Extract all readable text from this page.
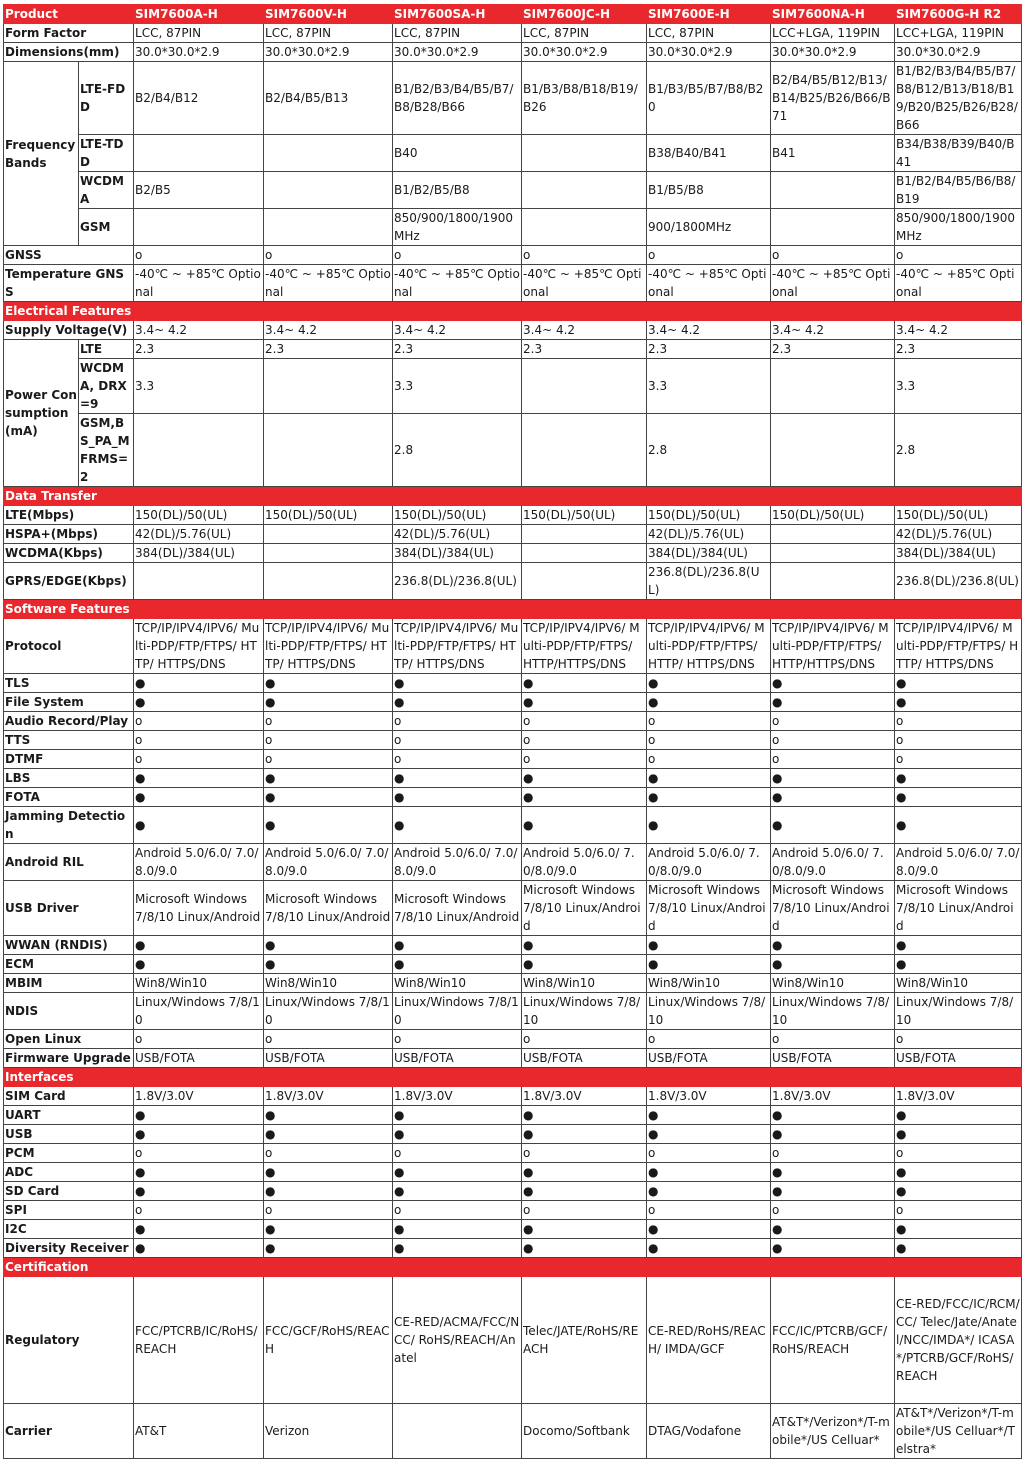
Product		SIM7600A-H	SIM7600V-H	SIM7600SA-H	SIM7600JC-H	SIM7600E-H	SIM7600NA-H	SIM7600G-H R2
Form Factor		LCC, 87PIN	LCC, 87PIN	LCC, 87PIN	LCC, 87PIN	LCC, 87PIN	LCC+LGA, 119PIN	LCC+LGA, 119PIN
Dimensions(mm)		30.0*30.0*2.9	30.0*30.0*2.9	30.0*30.0*2.9	30.0*30.0*2.9	30.0*30.0*2.9	30.0*30.0*2.9	30.0*30.0*2.9
Frequency Bands	LTE-FDD	B2/B4/B12	B2/B4/B5/B13	B1/B2/B3/B4/B5/B7/B8/B28/B66	B1/B3/B8/B18/B19/B26	B1/B3/B5/B7/B8/B20	B2/B4/B5/B12/B13/B14/B25/B26/B66/B71	B1/B2/B3/B4/B5/B7/B8/B12/B13/B18/B19/B20/B25/B26/B28/B66
	LTE-TDD			B40		B38/B40/B41	B41	B34/B38/B39/B40/B41
	WCDMA	B2/B5		B1/B2/B5/B8		B1/B5/B8		B1/B2/B4/B5/B6/B8/B19
	GSM			850/900/1800/1900MHz		900/1800MHz		850/900/1800/1900MHz
GNSS		o	o	o	o	o	o	o
Temperature GNSS		-40℃ ~ +85℃ Optional	-40℃ ~ +85℃ Optional	-40℃ ~ +85℃ Optional	-40℃ ~ +85℃ Optional	-40℃ ~ +85℃ Optional	-40℃ ~ +85℃ Optional	-40℃ ~ +85℃ Optional
Electrical Features								
Supply Voltage(V)		3.4~ 4.2	3.4~ 4.2	3.4~ 4.2	3.4~ 4.2	3.4~ 4.2	3.4~ 4.2	3.4~ 4.2
Power Consumption(mA)	LTE	2.3	2.3	2.3	2.3	2.3	2.3	2.3
	WCDMA, DRX=9	3.3		3.3		3.3		3.3
	GSM,BS_PA_MFRMS=2			2.8		2.8		2.8
Data Transfer								
LTE(Mbps)		150(DL)/50(UL)	150(DL)/50(UL)	150(DL)/50(UL)	150(DL)/50(UL)	150(DL)/50(UL)	150(DL)/50(UL)	150(DL)/50(UL)
HSPA+(Mbps)		42(DL)/5.76(UL)		42(DL)/5.76(UL)		42(DL)/5.76(UL)		42(DL)/5.76(UL)
WCDMA(Kbps)		384(DL)/384(UL)		384(DL)/384(UL)		384(DL)/384(UL)		384(DL)/384(UL)
GPRS/EDGE(Kbps)				236.8(DL)/236.8(UL)		236.8(DL)/236.8(UL)		236.8(DL)/236.8(UL)
Software Features								
Protocol		TCP/IP/IPV4/IPV6/ Multi-PDP/FTP/FTPS/ HTTP/ HTTPS/DNS	TCP/IP/IPV4/IPV6/ Multi-PDP/FTP/FTPS/ HTTP/ HTTPS/DNS	TCP/IP/IPV4/IPV6/ Multi-PDP/FTP/FTPS/ HTTP/ HTTPS/DNS	TCP/IP/IPV4/IPV6/ Multi-PDP/FTP/FTPS/ HTTP/HTTPS/DNS	TCP/IP/IPV4/IPV6/ Multi-PDP/FTP/FTPS/ HTTP/ HTTPS/DNS	TCP/IP/IPV4/IPV6/ Multi-PDP/FTP/FTPS/ HTTP/HTTPS/DNS	TCP/IP/IPV4/IPV6/ Multi-PDP/FTP/FTPS/ HTTP/ HTTPS/DNS
TLS		●	●	●	●	●	●	●
File System		●	●	●	●	●	●	●
Audio Record/Play		o	o	o	o	o	o	o
TTS		o	o	o	o	o	o	o
DTMF		o	o	o	o	o	o	o
LBS		●	●	●	●	●	●	●
FOTA		●	●	●	●	●	●	●
Jamming Detection		●	●	●	●	●	●	●
Android RIL		Android 5.0/6.0/ 7.0/8.0/9.0	Android 5.0/6.0/ 7.0/8.0/9.0	Android 5.0/6.0/ 7.0/8.0/9.0	Android 5.0/6.0/ 7.0/8.0/9.0	Android 5.0/6.0/ 7.0/8.0/9.0	Android 5.0/6.0/ 7.0/8.0/9.0	Android 5.0/6.0/ 7.0/8.0/9.0
USB Driver		Microsoft Windows 7/8/10 Linux/Android	Microsoft Windows 7/8/10 Linux/Android	Microsoft Windows 7/8/10 Linux/Android	Microsoft Windows 7/8/10 Linux/Android	Microsoft Windows 7/8/10 Linux/Android	Microsoft Windows 7/8/10 Linux/Android	Microsoft Windows 7/8/10 Linux/Android
WWAN (RNDIS)		●	●	●	●	●	●	●
ECM		●	●	●	●	●	●	●
MBIM		Win8/Win10	Win8/Win10	Win8/Win10	Win8/Win10	Win8/Win10	Win8/Win10	Win8/Win10
NDIS		Linux/Windows 7/8/10	Linux/Windows 7/8/10	Linux/Windows 7/8/10	Linux/Windows 7/8/10	Linux/Windows 7/8/10	Linux/Windows 7/8/10	Linux/Windows 7/8/10
Open Linux		o	o	o	o	o	o	o
Firmware Upgrade		USB/FOTA	USB/FOTA	USB/FOTA	USB/FOTA	USB/FOTA	USB/FOTA	USB/FOTA
Interfaces								
SIM Card		1.8V/3.0V	1.8V/3.0V	1.8V/3.0V	1.8V/3.0V	1.8V/3.0V	1.8V/3.0V	1.8V/3.0V
UART		●	●	●	●	●	●	●
USB		●	●	●	●	●	●	●
PCM		o	o	o	o	o	o	o
ADC		●	●	●	●	●	●	●
SD Card		●	●	●	●	●	●	●
SPI		o	o	o	o	o	o	o
I2C		●	●	●	●	●	●	●
Diversity Receiver		●	●	●	●	●	●	●
Certification								
Regulatory		FCC/PTCRB/IC/RoHS/ REACH	FCC/GCF/RoHS/REACH	CE-RED/ACMA/FCC/NCC/ RoHS/REACH/Anatel	Telec/JATE/RoHS/REACH	CE-RED/RoHS/REACH/ IMDA/GCF	FCC/IC/PTCRB/GCF/ RoHS/REACH	CE-RED/FCC/IC/RCM/CC/ Telec/Jate/Anatel/NCC/IMDA*/ ICASA*/PTCRB/GCF/RoHS/ REACH
Carrier		AT&T	Verizon		Docomo/Softbank	DTAG/Vodafone	AT&T*/Verizon*/T-mobile*/US Celluar*	AT&T*/Verizon*/T-mobile*/US Celluar*/Telstra*
